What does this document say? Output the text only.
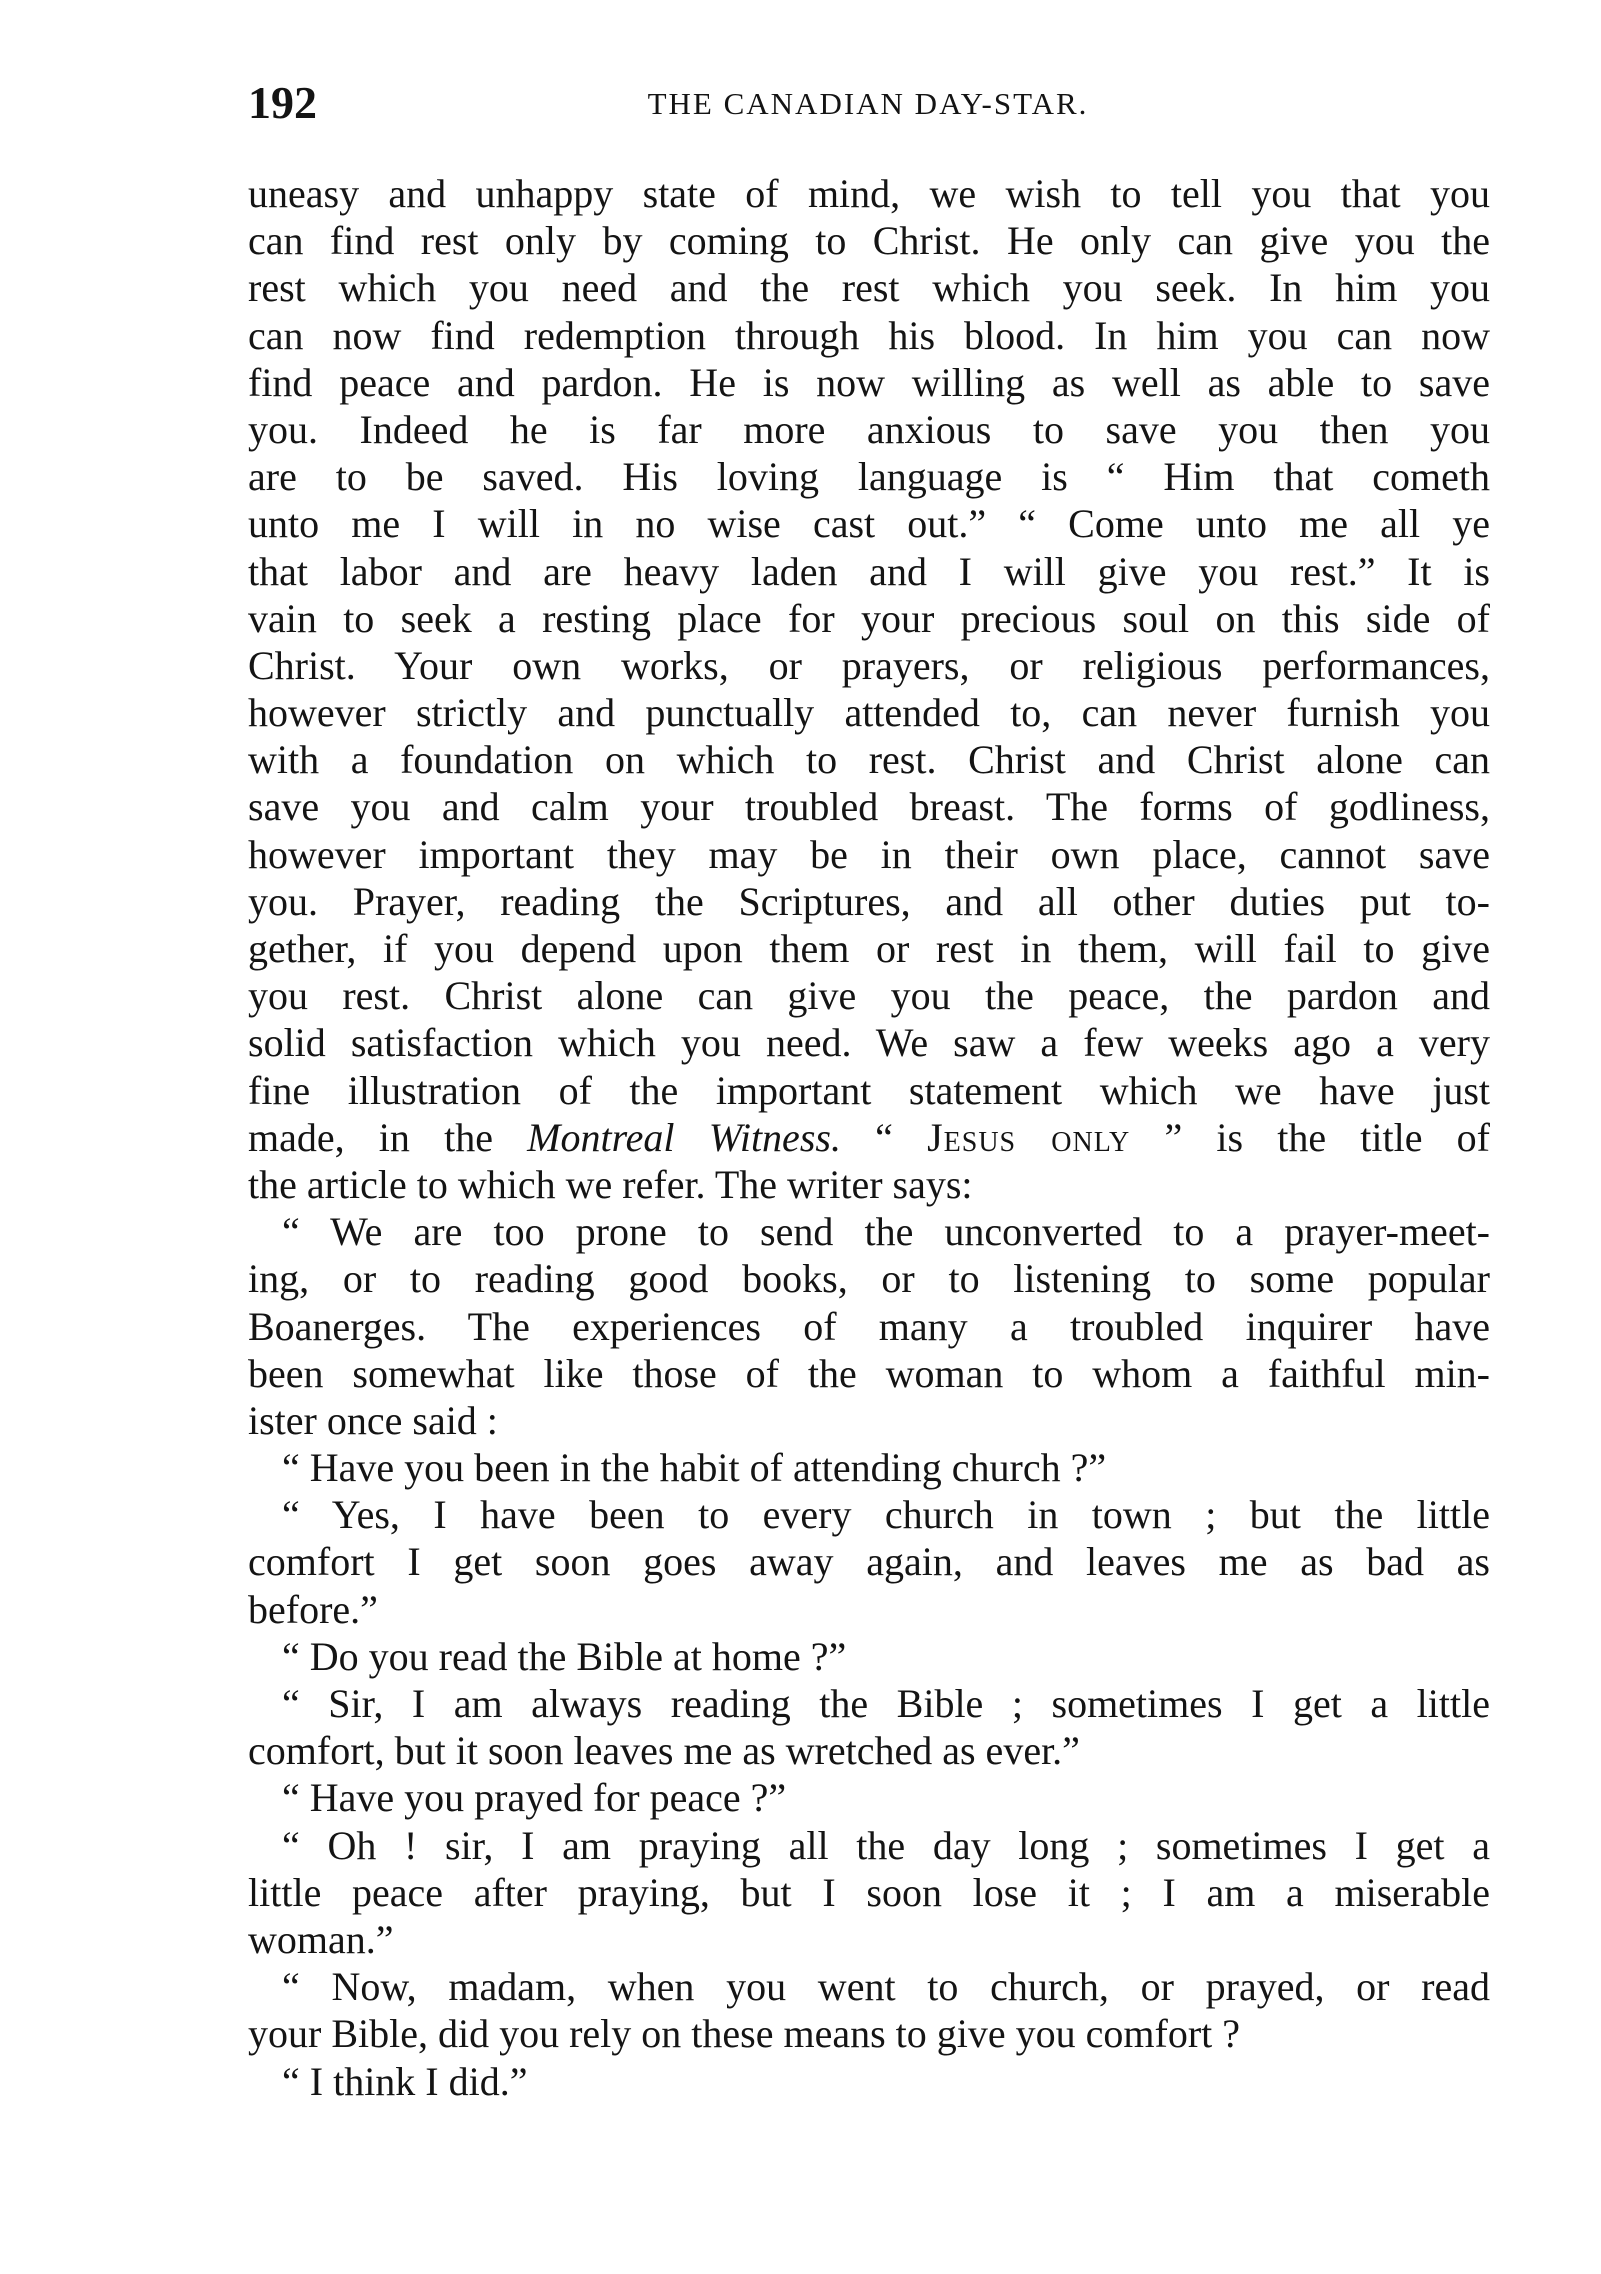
192	THE CANADIAN DAY-STAR.
uneasy and unhappy state of mind, we wish to tell you that you
can find rest only by coming to Christ. He only can give you the
rest which you need and the rest which you seek. In him you
can now find redemption through his blood. In him you can now
find peace and pardon. He is now willing as well as able to save
you. Indeed he is far more anxious to save you then you
are to be saved. His loving language is “ Him that cometh
unto me I will in no wise cast out.” “ Come unto me all ye
that labor and are heavy laden and I will give you rest.” It is
vain to seek a resting place for your precious soul on this side of
Christ. Your own works, or prayers, or religious performances,
however strictly and punctually attended to, can never furnish you
with a foundation on which to rest. Christ and Christ alone can
save you and calm your troubled breast. The forms of godliness,
however important they may be in their own place, cannot save
you. Prayer, reading the Scriptures, and all other duties put to-
gether, if you depend upon them or rest in them, will fail to give
you rest. Christ alone can give you the peace, the pardon and
solid satisfaction which you need. We saw a few weeks ago a very
fine illustration of the important statement which we have just
made, in the Montreal Witness. “ Jesus only ” is the title of
the article to which we refer. The writer says:
“ We are too prone to send the unconverted to a prayer-meet-
ing, or to reading good books, or to listening to some popular
Boanerges. The experiences of many a troubled inquirer have
been somewhat like those of the woman to whom a faithful min-
ister once said :
“ Have you been in the habit of attending church ?”
“ Yes, I have been to every church in town ; but the little
comfort I get soon goes away again, and leaves me as bad as
before.”
“ Do you read the Bible at home ?”
“ Sir, I am always reading the Bible ; sometimes I get a little
comfort, but it soon leaves me as wretched as ever.”
“ Have you prayed for peace ?”
“ Oh ! sir, I am praying all the day long ; sometimes I get a
little peace after praying, but I soon lose it ; I am a miserable
woman.”
“ Now, madam, when you went to church, or prayed, or read
your Bible, did you rely on these means to give you comfort ?
“ I think I did.”
